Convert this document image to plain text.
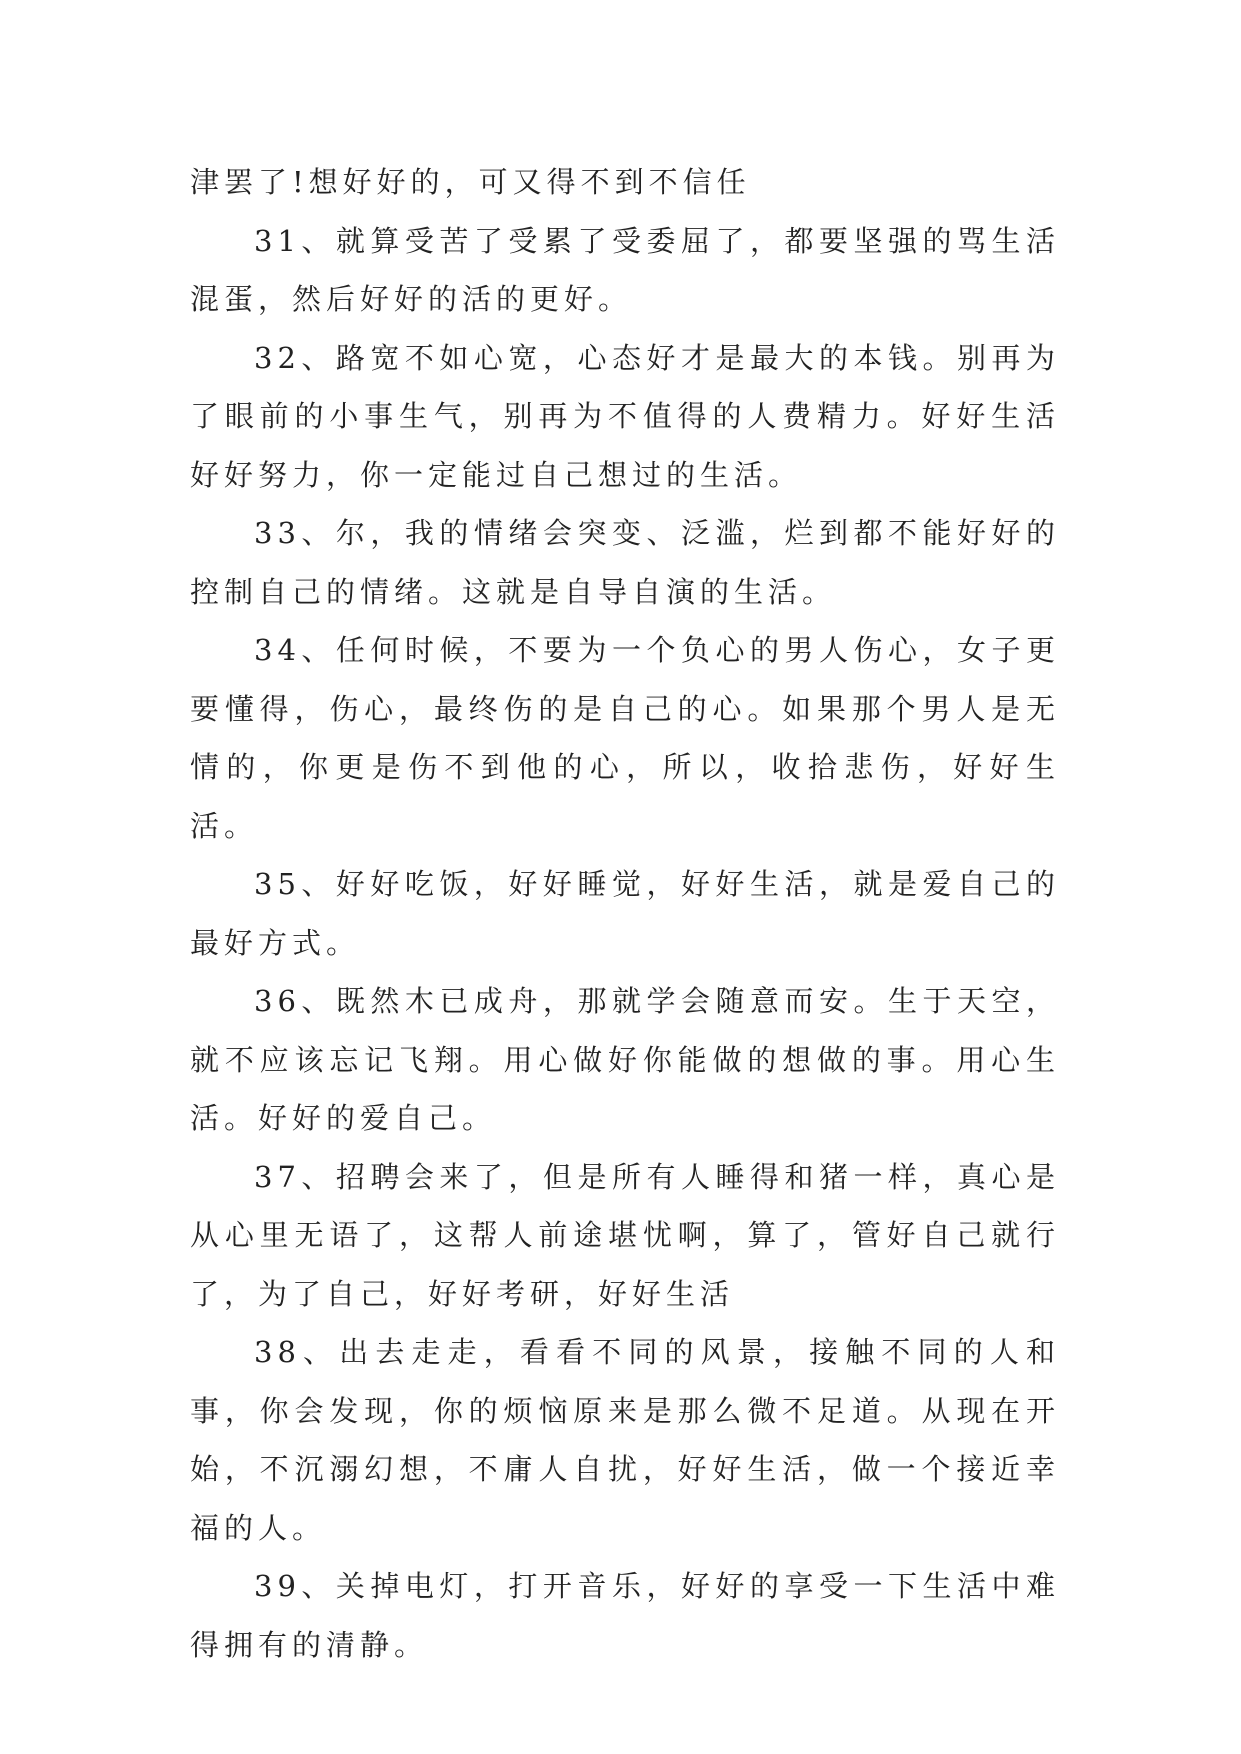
津罢了!想好好的，可又得不到不信任

31、就算受苦了受累了受委屈了，都要坚强的骂生活混蛋，然后好好的活的更好。

32、路宽不如心宽，心态好才是最大的本钱。别再为了眼前的小事生气，别再为不值得的人费精力。好好生活好好努力，你一定能过自己想过的生活。

33、尔，我的情绪会突变、泛滥，烂到都不能好好的控制自己的情绪。这就是自导自演的生活。

34、任何时候，不要为一个负心的男人伤心，女子更要懂得，伤心，最终伤的是自己的心。如果那个男人是无情的，你更是伤不到他的心，所以，收拾悲伤，好好生活。

35、好好吃饭，好好睡觉，好好生活，就是爱自己的最好方式。

36、既然木已成舟，那就学会随意而安。生于天空，就不应该忘记飞翔。用心做好你能做的想做的事。用心生活。好好的爱自己。

37、招聘会来了，但是所有人睡得和猪一样，真心是从心里无语了，这帮人前途堪忧啊，算了，管好自己就行了，为了自己，好好考研，好好生活

38、出去走走，看看不同的风景，接触不同的人和事，你会发现，你的烦恼原来是那么微不足道。从现在开始，不沉溺幻想，不庸人自扰，好好生活，做一个接近幸福的人。

39、关掉电灯，打开音乐，好好的享受一下生活中难得拥有的清静。
